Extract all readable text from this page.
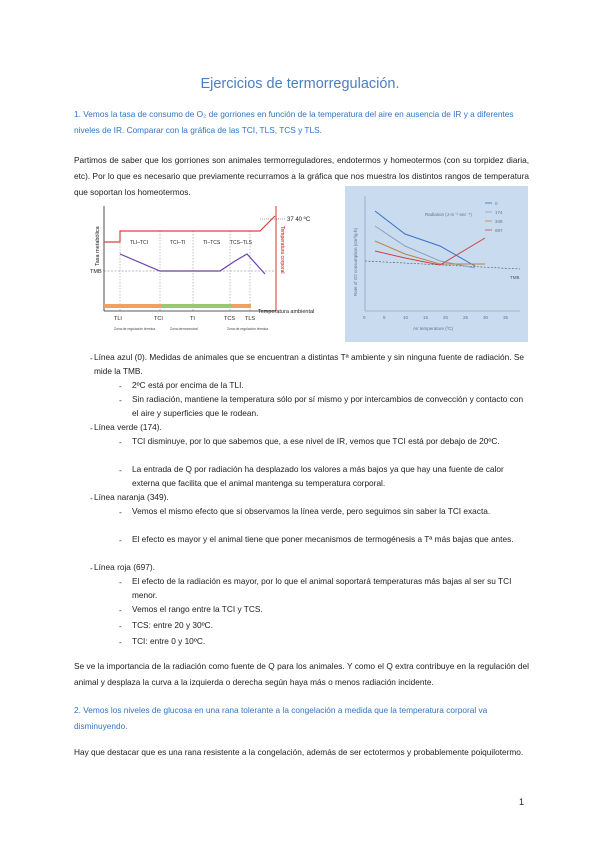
Ejercicios de termorregulación.
1. Vemos la tasa de consumo de O₂ de gorriones en función de la temperatura del aire en ausencia de IR y a diferentes niveles de IR. Comparar con la gráfica de las TCI, TLS, TCS y TLS.
Partimos de saber que los gorriones son animales termorreguladores, endotermos y homeotermos (con su torpidez diaria, etc). Por lo que es necesario que previamente recurramos a la gráfica que nos muestra los distintos rangos de temperatura que soportan los homeotermos.
Tasa metabólica	Temperatura corporal
37 40 ºC
TMB
TLI–TCI	TCI–TI	TI–TCS TCS–TLS
TLI	TCI	TI	TCS TLS
Temperatura ambiental
Zona de regulación térmica	Zona termoneutral	Zona de regulación térmica
Rate of O2 consumption (cm³/g·h)
Radiation (J·m⁻² sec⁻¹)
0
174
349
697
TMB
0	5	10	15	20	25	30	35
Air temperature (ºC)
- Línea azul (0). Medidas de animales que se encuentran a distintas Tª ambiente y sin ninguna fuente de radiación. Se mide la TMB.
- 2ºC está por encima de la TLI.
- Sin radiación, mantiene la temperatura sólo por sí mismo y por intercambios de convección y contacto con el aire y superficies que le rodean.
- Línea verde (174).
- TCI disminuye, por lo que sabemos que, a ese nivel de IR, vemos que TCI está por debajo de 20ºC.
- La entrada de Q por radiación ha desplazado los valores a más bajos ya que hay una fuente de calor externa que facilita que el animal mantenga su temperatura corporal.
- Línea naranja (349).
- Vemos el mismo efecto que si observamos la línea verde, pero seguimos sin saber la TCI exacta.
- El efecto es mayor y el animal tiene que poner mecanismos de termogénesis a Tª más bajas que antes.
- Línea roja (697).
- El efecto de la radiación es mayor, por lo que el animal soportará temperaturas más bajas al ser su TCI menor.
- Vemos el rango entre la TCI y TCS.
- TCS: entre 20 y 30ºC.
- TCI: entre 0 y 10ºC.
Se ve la importancia de la radiación como fuente de Q para los animales. Y como el Q extra contribuye en la regulación del animal y desplaza la curva a la izquierda o derecha según haya más o menos radiación incidente.
2. Vemos los niveles de glucosa en una rana tolerante a la congelación a medida que la temperatura corporal va disminuyendo.
Hay que destacar que es una rana resistente a la congelación, además de ser ectotermos y probablemente poiquilotermo.
1
